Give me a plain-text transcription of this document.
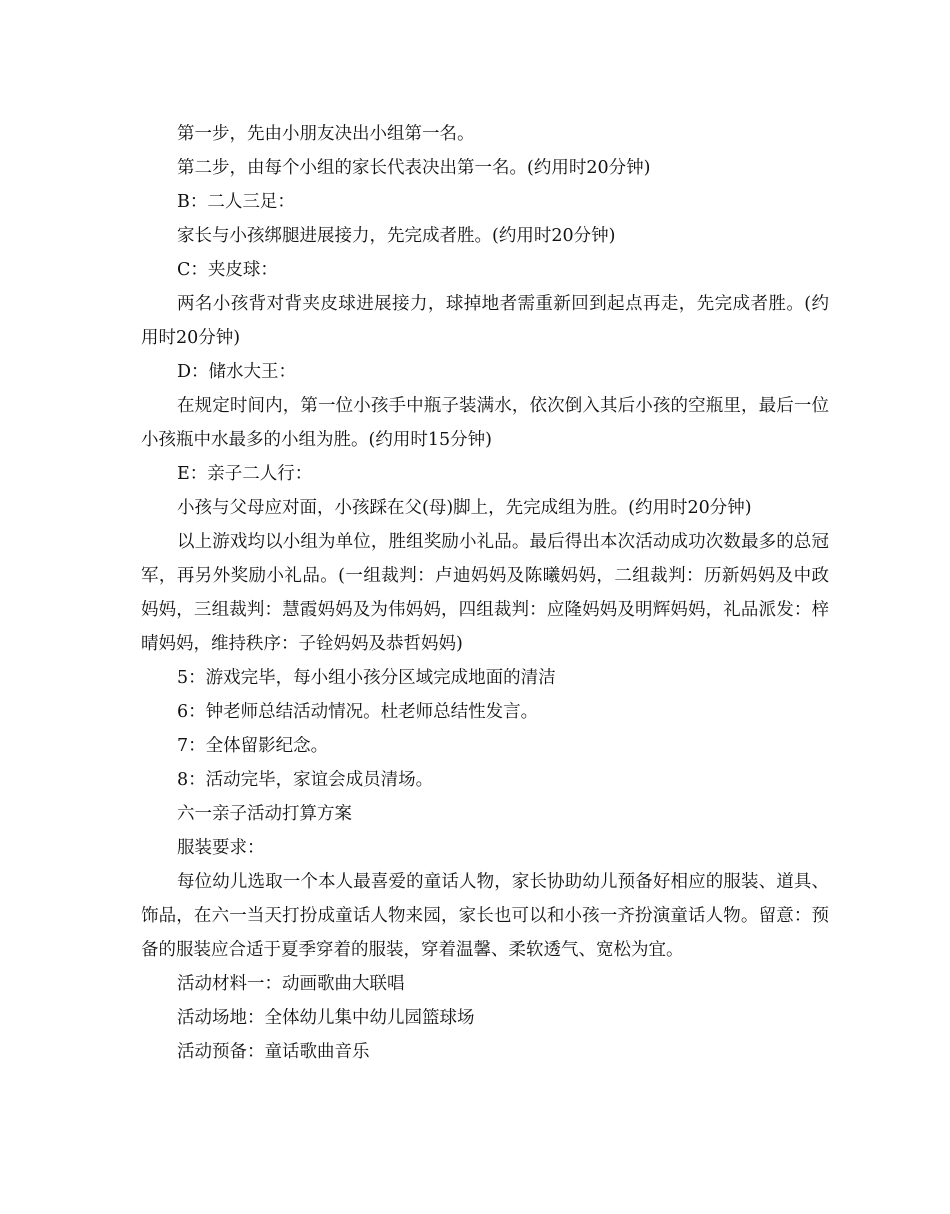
第一步，先由小朋友决出小组第一名。

第二步，由每个小组的家长代表决出第一名。(约用时20分钟)

B：二人三足：

家长与小孩绑腿进展接力，先完成者胜。(约用时20分钟)

C：夹皮球：

两名小孩背对背夹皮球进展接力，球掉地者需重新回到起点再走，先完成者胜。(约用时20分钟)

D：储水大王：

在规定时间内，第一位小孩手中瓶子装满水，依次倒入其后小孩的空瓶里，最后一位小孩瓶中水最多的小组为胜。(约用时15分钟)

E：亲子二人行：

小孩与父母应对面，小孩踩在父(母)脚上，先完成组为胜。(约用时20分钟)

以上游戏均以小组为单位，胜组奖励小礼品。最后得出本次活动成功次数最多的总冠军，再另外奖励小礼品。(一组裁判：卢迪妈妈及陈曦妈妈，二组裁判：历新妈妈及中政妈妈，三组裁判：慧霞妈妈及为伟妈妈，四组裁判：应隆妈妈及明辉妈妈，礼品派发：梓晴妈妈，维持秩序：子铨妈妈及恭哲妈妈)

5：游戏完毕，每小组小孩分区域完成地面的清洁

6：钟老师总结活动情况。杜老师总结性发言。

7：全体留影纪念。

8：活动完毕，家谊会成员清场。

六一亲子活动打算方案

服装要求：

每位幼儿选取一个本人最喜爱的童话人物，家长协助幼儿预备好相应的服装、道具、饰品，在六一当天打扮成童话人物来园，家长也可以和小孩一齐扮演童话人物。留意：预备的服装应合适于夏季穿着的服装，穿着温馨、柔软透气、宽松为宜。

活动材料一：动画歌曲大联唱

活动场地：全体幼儿集中幼儿园篮球场

活动预备：童话歌曲音乐
